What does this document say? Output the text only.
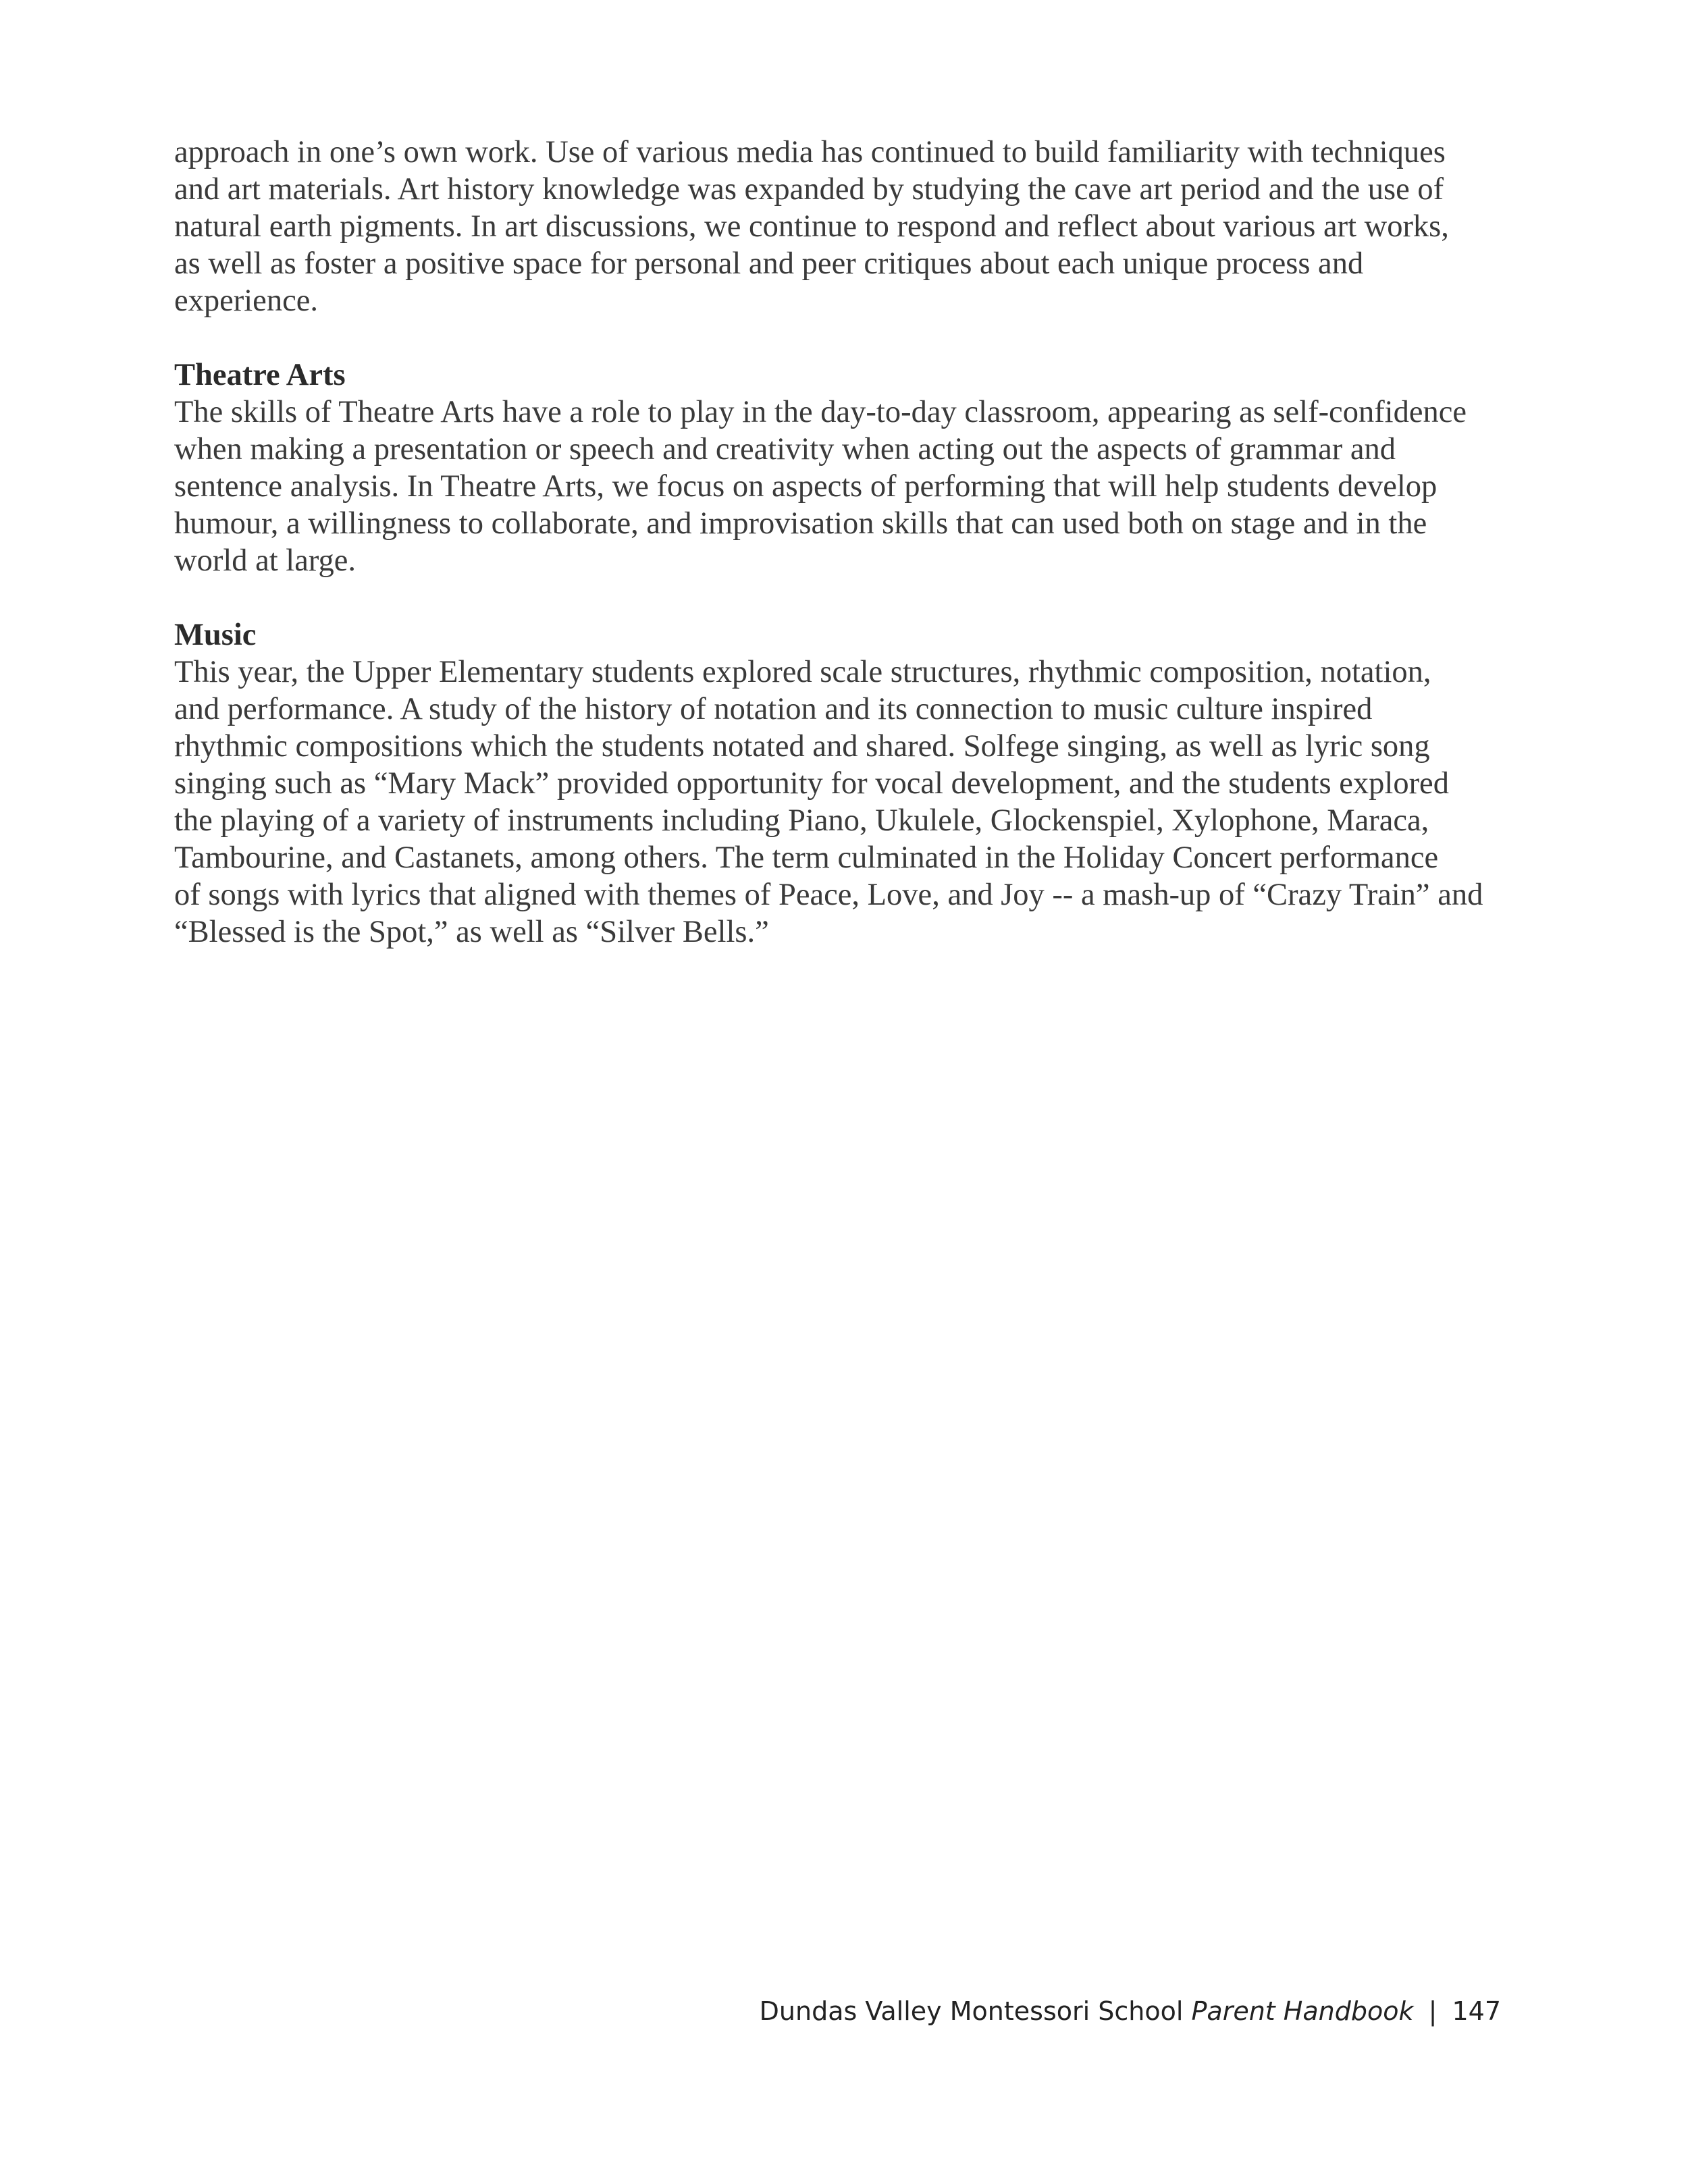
approach in one’s own work. Use of various media has continued to build familiarity with techniques
and art materials. Art history knowledge was expanded by studying the cave art period and the use of
natural earth pigments. In art discussions, we continue to respond and reflect about various art works,
as well as foster a positive space for personal and peer critiques about each unique process and
experience.

Theatre Arts

The skills of Theatre Arts have a role to play in the day-to-day classroom, appearing as self-confidence
when making a presentation or speech and creativity when acting out the aspects of grammar and
sentence analysis. In Theatre Arts, we focus on aspects of performing that will help students develop
humour, a willingness to collaborate, and improvisation skills that can used both on stage and in the
world at large.

Music

This year, the Upper Elementary students explored scale structures, rhythmic composition, notation,
and performance. A study of the history of notation and its connection to music culture inspired
rhythmic compositions which the students notated and shared. Solfege singing, as well as lyric song
singing such as “Mary Mack” provided opportunity for vocal development, and the students explored
the playing of a variety of instruments including Piano, Ukulele, Glockenspiel, Xylophone, Maraca,
Tambourine, and Castanets, among others. The term culminated in the Holiday Concert performance
of songs with lyrics that aligned with themes of Peace, Love, and Joy -- a mash-up of “Crazy Train” and
“Blessed is the Spot,” as well as “Silver Bells.”

Dundas Valley Montessori School Parent Handbook | 147
